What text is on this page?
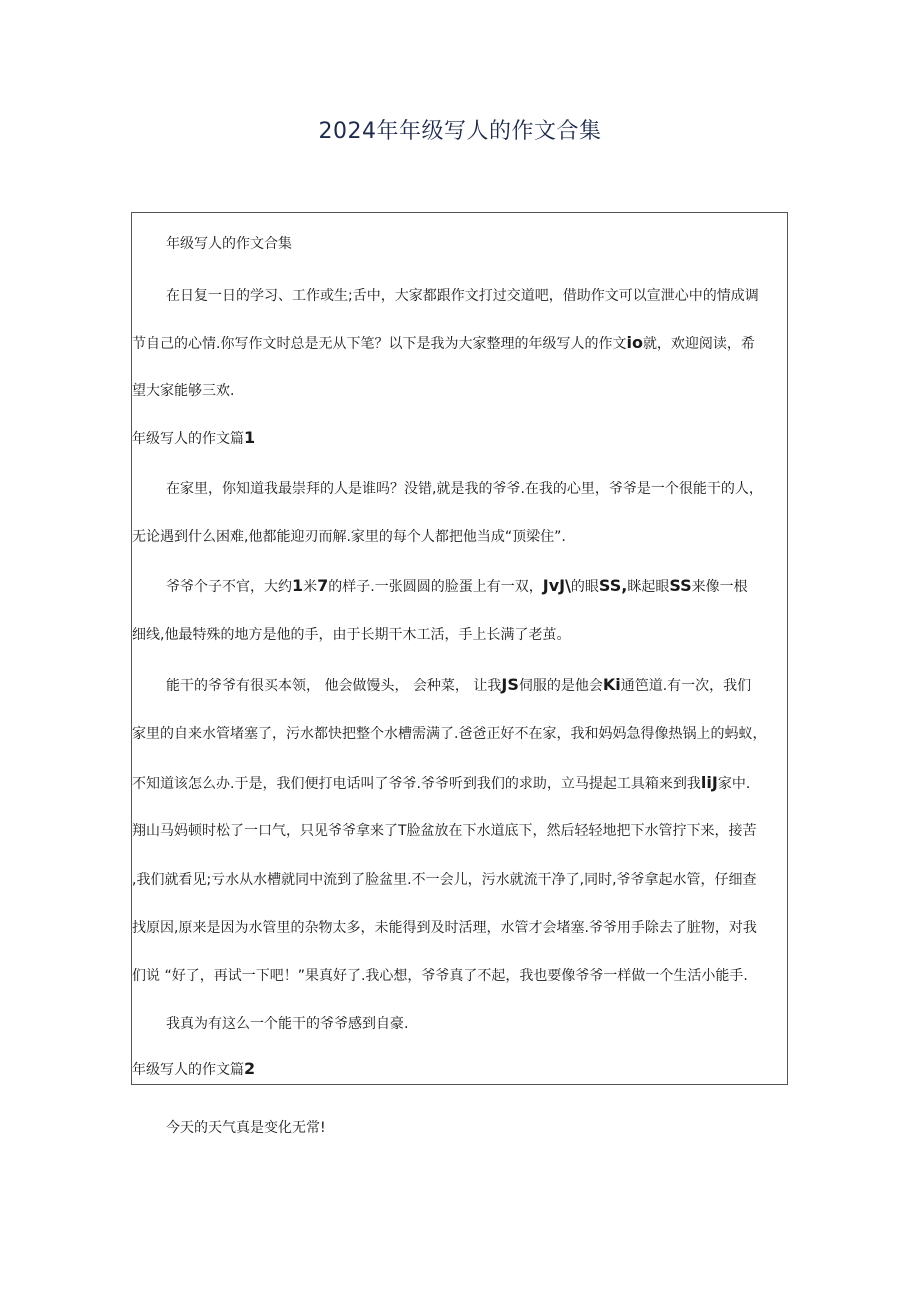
2024年年级写人的作文合集
年级写人的作文合集
在日复一日的学习、工作或生;舌中，大家都跟作文打过交道吧，借助作文可以宣泄心中的情成调
节自己的心情.你写作文时总是无从下笔？以下是我为大家整理的年级写人的作文io就，欢迎阅读，希
望大家能够三欢.
年级写人的作文篇1
在家里，你知道我最崇拜的人是谁吗？没错,就是我的爷爷.在我的心里，爷爷是一个很能干的人，
无论遇到什么困难,他都能迎刃而解.家里的每个人都把他当成“顶梁住”.
爷爷个子不官，大约1米7的样子.一张圆圆的脸蛋上有一双，JvJ\的眼SS,眯起眼SS来像一根
细线,他最特殊的地方是他的手，由于长期干木工活，手上长满了老茧。
能干的爷爷有很买本领， 他会做馒头， 会种菜， 让我JS伺服的是他会Ki通笆道.有一次，我们
家里的自来水管堵塞了，污水都快把整个水槽需满了.爸爸正好不在家，我和妈妈急得像热锅上的蚂蚁，
不知道该怎么办.于是，我们便打电话叫了爷爷.爷爷听到我们的求助，立马提起工具箱来到我liJ家中.
翔山马妈顿时松了一口气，只见爷爷拿来了T脸盆放在下水道底下，然后轻轻地把下水管拧下来，接苦
,我们就看见;亏水从水槽就同中流到了脸盆里.不一会儿，污水就流干净了,同时,爷爷拿起水管，仔细查
找原因,原来是因为水管里的杂物太多，未能得到及时活理，水管才会堵塞.爷爷用手除去了脏物，对我
们说 “好了，再试一下吧！”果真好了.我心想，爷爷真了不起，我也要像爷爷一样做一个生活小能手.
我真为有这么一个能干的爷爷感到自豪.
年级写人的作文篇2
今天的天气真是变化无常!
